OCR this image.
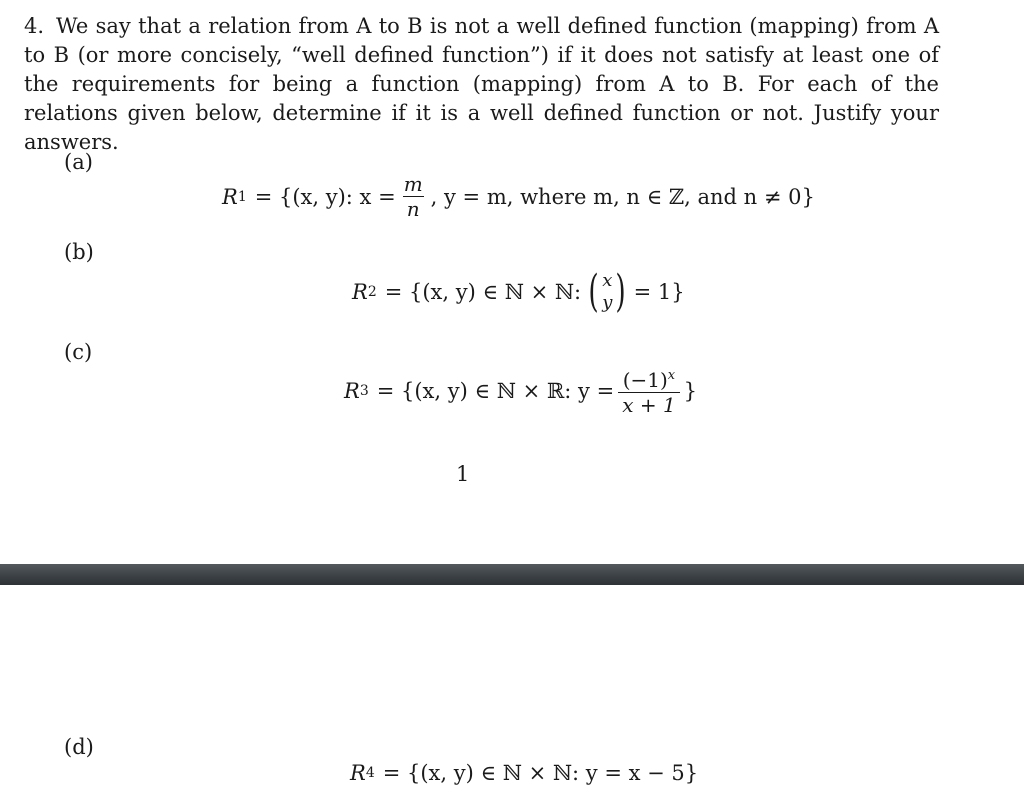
4. We say that a relation from A to B is not a well defined function (mapping) from A to B (or more concisely, “well defined function”) if it does not satisfy at least one of the requirements for being a function (mapping) from A to B. For each of the relations given below, determine if it is a well defined function or not. Justify your answers.
(a)
R 1 = {(x, y): $x = \frac{m}{n}$ , y = m, where m, n ∈ ℤ, and n ≠ 0}
(b)
R 2 = {(x, y) ∈ ℕ × ℕ: ( x
y ) = 1}
(c)
R 3 = {(x, y) ∈ ℕ × ℝ: $y = \frac{(-1)^x}{x + 1}$ }
1
(d)
R 4 = {(x, y) ∈ ℕ × ℕ: y = x − 5}
